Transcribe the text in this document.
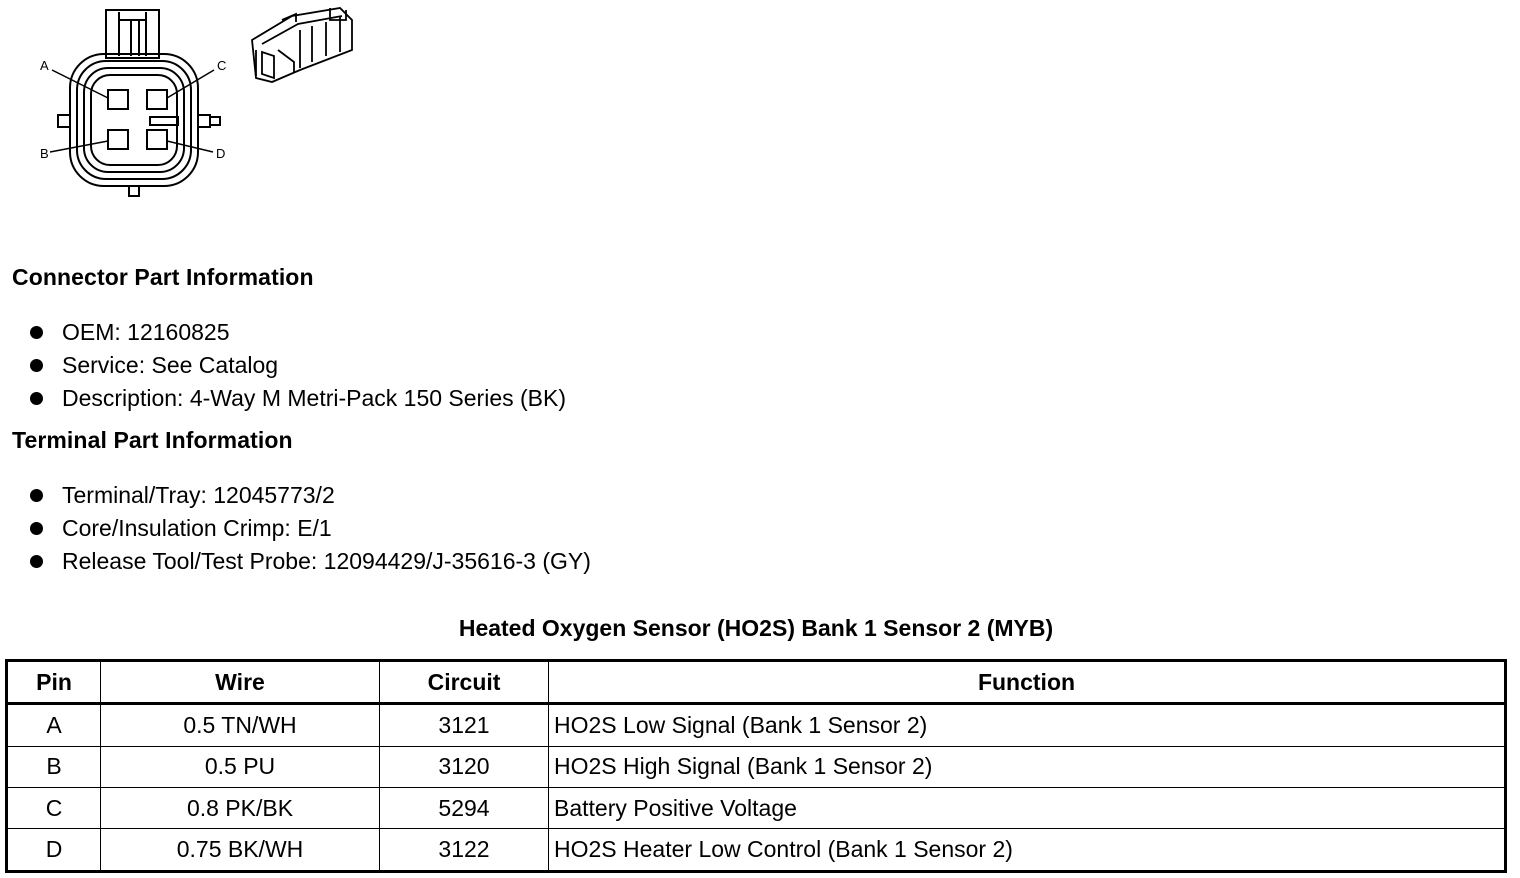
A
B
C
D
Connector Part Information
OEM: 12160825
Service: See Catalog
Description: 4-Way M Metri-Pack 150 Series (BK)
Terminal Part Information
Terminal/Tray: 12045773/2
Core/Insulation Crimp: E/1
Release Tool/Test Probe: 12094429/J-35616-3 (GY)
Heated Oxygen Sensor (HO2S) Bank 1 Sensor 2 (MYB)
Pin	Wire	Circuit	Function
A	0.5 TN/WH	3121	HO2S Low Signal (Bank 1 Sensor 2)
B	0.5 PU	3120	HO2S High Signal (Bank 1 Sensor 2)
C	0.8 PK/BK	5294	Battery Positive Voltage
D	0.75 BK/WH	3122	HO2S Heater Low Control (Bank 1 Sensor 2)
